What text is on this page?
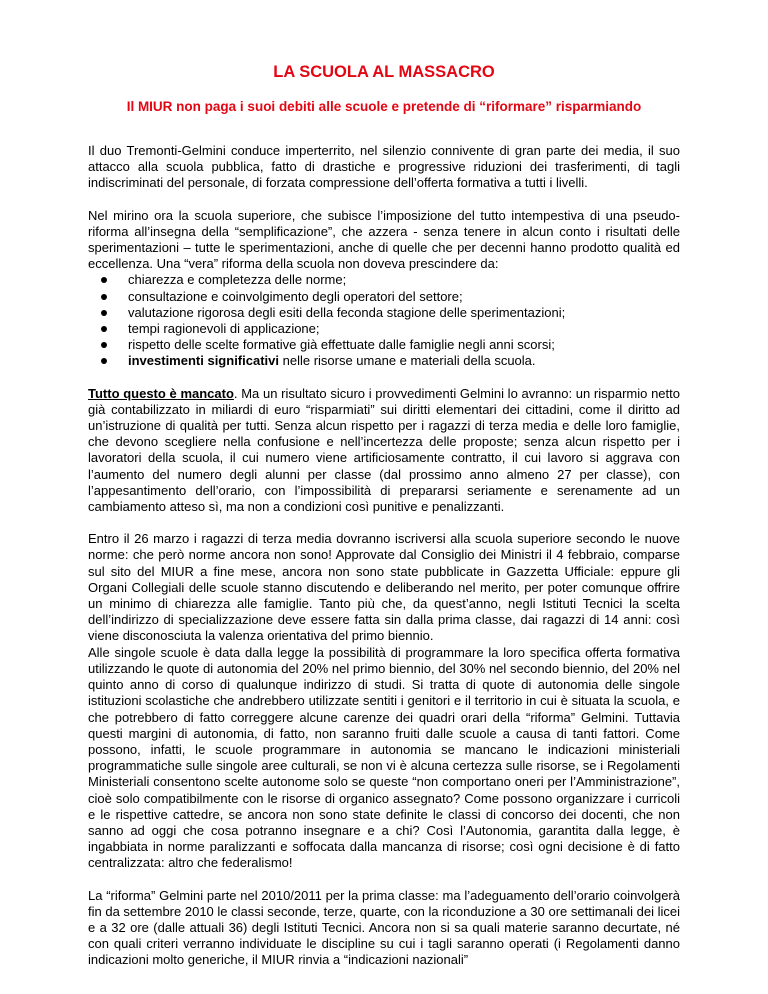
LA SCUOLA AL MASSACRO
Il MIUR non paga i suoi debiti alle scuole e pretende di “riformare” risparmiando

Il duo Tremonti-Gelmini conduce imperterrito, nel silenzio connivente di gran parte dei media, il suo attacco alla scuola pubblica, fatto di drastiche e progressive riduzioni dei trasferimenti, di tagli indiscriminati del personale, di forzata compressione dell’offerta formativa a tutti i livelli.

Nel mirino ora la scuola superiore, che subisce l’imposizione del tutto intempestiva di una pseudo-riforma all’insegna della “semplificazione”, che azzera - senza tenere in alcun conto i risultati delle sperimentazioni – tutte le sperimentazioni, anche di quelle che per decenni hanno prodotto qualità ed eccellenza. Una “vera” riforma della scuola non doveva prescindere da:

chiarezza e completezza delle norme;
consultazione e coinvolgimento degli operatori del settore;
valutazione rigorosa degli esiti della feconda stagione delle sperimentazioni;
tempi ragionevoli di applicazione;
rispetto delle scelte formative già effettuate dalle famiglie negli anni scorsi;
investimenti significativi nelle risorse umane e materiali della scuola.

Tutto questo è mancato. Ma un risultato sicuro i provvedimenti Gelmini lo avranno: un risparmio netto già contabilizzato in miliardi di euro “risparmiati” sui diritti elementari dei cittadini, come il diritto ad un’istruzione di qualità per tutti. Senza alcun rispetto per i ragazzi di terza media e delle loro famiglie, che devono sceglierе nella confusione e nell’incertezza delle proposte; senza alcun rispetto per i lavoratori della scuola, il cui numero viene artificiosamente contratto, il cui lavoro si aggrava con l’aumento del numero degli alunni per classe (dal prossimo anno almeno 27 per classe), con l’appesantimento dell’orario, con l’impossibilità di prepararsi seriamente e serenamente ad un cambiamento atteso sì, ma non a condizioni così punitive e penalizzanti.

Entro il 26 marzo i ragazzi di terza media dovranno iscriversi alla scuola superiore secondo le nuove norme: che però norme ancora non sono! Approvate dal Consiglio dei Ministri il 4 febbraio, comparse sul sito del MIUR a fine mese, ancora non sono state pubblicate in Gazzetta Ufficiale: eppure gli Organi Collegiali delle scuole stanno discutendo e deliberando nel merito, per poter comunque offrire un minimo di chiarezza alle famiglie. Tanto più che, da quest’anno, negli Istituti Tecnici la scelta dell’indirizzo di specializzazione deve essere fatta sin dalla prima classe, dai ragazzi di 14 anni: così viene disconosciuta la valenza orientativa del primo biennio.

Alle singole scuole è data dalla legge la possibilità di programmare la loro specifica offerta formativa utilizzando le quote di autonomia del 20% nel primo biennio, del 30% nel secondo biennio, del 20% nel quinto anno di corso di qualunque indirizzo di studi. Si tratta di quote di autonomia delle singole istituzioni scolastiche che andrebbero utilizzate sentiti i genitori e il territorio in cui è situata la scuola, e che potrebbero di fatto correggere alcune carenze dei quadri orari della “riforma” Gelmini. Tuttavia questi margini di autonomia, di fatto, non saranno fruiti dalle scuole a causa di tanti fattori. Come possono, infatti, le scuole programmare in autonomia se mancano le indicazioni ministeriali programmatiche sulle singole aree culturali, se non vi è alcuna certezza sulle risorse, se i Regolamenti Ministeriali consentono scelte autonome solo se queste “non comportano oneri per l’Amministrazione”, cioè solo compatibilmente con le risorse di organico assegnato? Come possono organizzare i curricoli e le rispettive cattedre, se ancora non sono state definite le classi di concorso dei docenti, che non sanno ad oggi che cosa potranno insegnare e a chi? Così l’Autonomia, garantita dalla legge, è ingabbiata in norme paralizzanti e soffocata dalla mancanza di risorse; così ogni decisione è di fatto centralizzata: altro che federalismo!

La “riforma” Gelmini parte nel 2010/2011 per la prima classe: ma l’adeguamento dell’orario coinvolgerà fin da settembre 2010 le classi seconde, terze, quarte, con la riconduzione a 30 ore settimanali dei licei e a 32 ore (dalle attuali 36) degli Istituti Tecnici. Ancora non si sa quali materie saranno decurtate, né con quali criteri verranno individuate le discipline su cui i tagli saranno operati (i Regolamenti danno indicazioni molto generiche, il MIUR rinvia a “indicazioni nazionali”
